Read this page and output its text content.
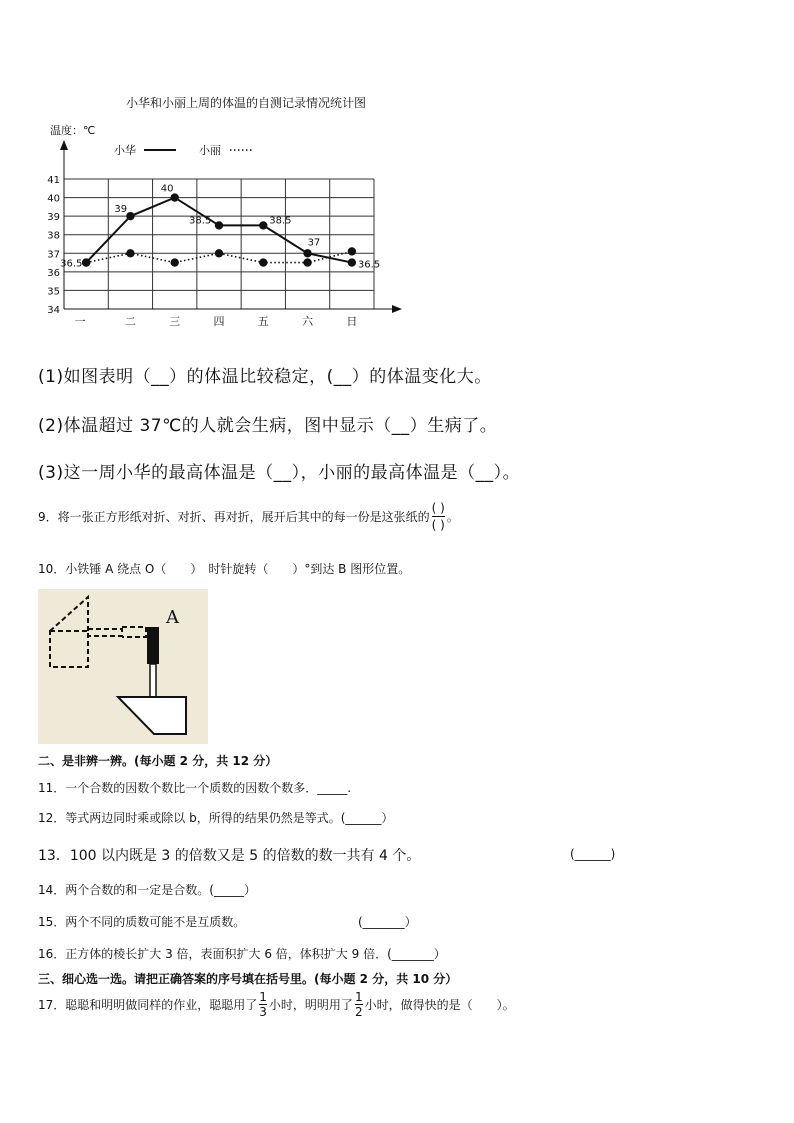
小华和小丽上周的体温的自测记录情况统计图
温度：℃
小华	小丽
34
35
36
37
38
39
40
41
一	二	三	四	五	六	日
36.5
39
40
38.5	38.5
37
36.5
(1)如图表明（__）的体温比较稳定，(__）的体温变化大。
(2)体温超过 37℃的人就会生病，图中显示（__）生病了。
(3)这一周小华的最高体温是（__），小丽的最高体温是（__）。
9．将一张正方形纸对折、对折、再对折，展开后其中的每一份是这张纸的 $\frac{( )}{( )}$ 。
10．小铁锤 A 绕点 O（　　）　时针旋转（　　）°到达 B 图形位置。
A
二、是非辨一辨。(每小题 2 分，共 12 分）
11．一个合数的因数个数比一个质数的因数个数多．_____.
12．等式两边同时乘或除以 b，所得的结果仍然是等式。(______）
13．100 以内既是 3 的倍数又是 5 的倍数的数一共有 4 个。	(______)
14．两个合数的和一定是合数。(_____）
15．两个不同的质数可能不是互质数。	(_______）
16．正方体的棱长扩大 3 倍，表面积扩大 6 倍，体积扩大 9 倍．(_______）
三、细心选一选。请把正确答案的序号填在括号里。(每小题 2 分，共 10 分）
17．聪聪和明明做同样的作业，聪聪用了 $\frac{1}{3}$ 小时，明明用了 $\frac{1}{2}$ 小时，做得快的是（　　）。
